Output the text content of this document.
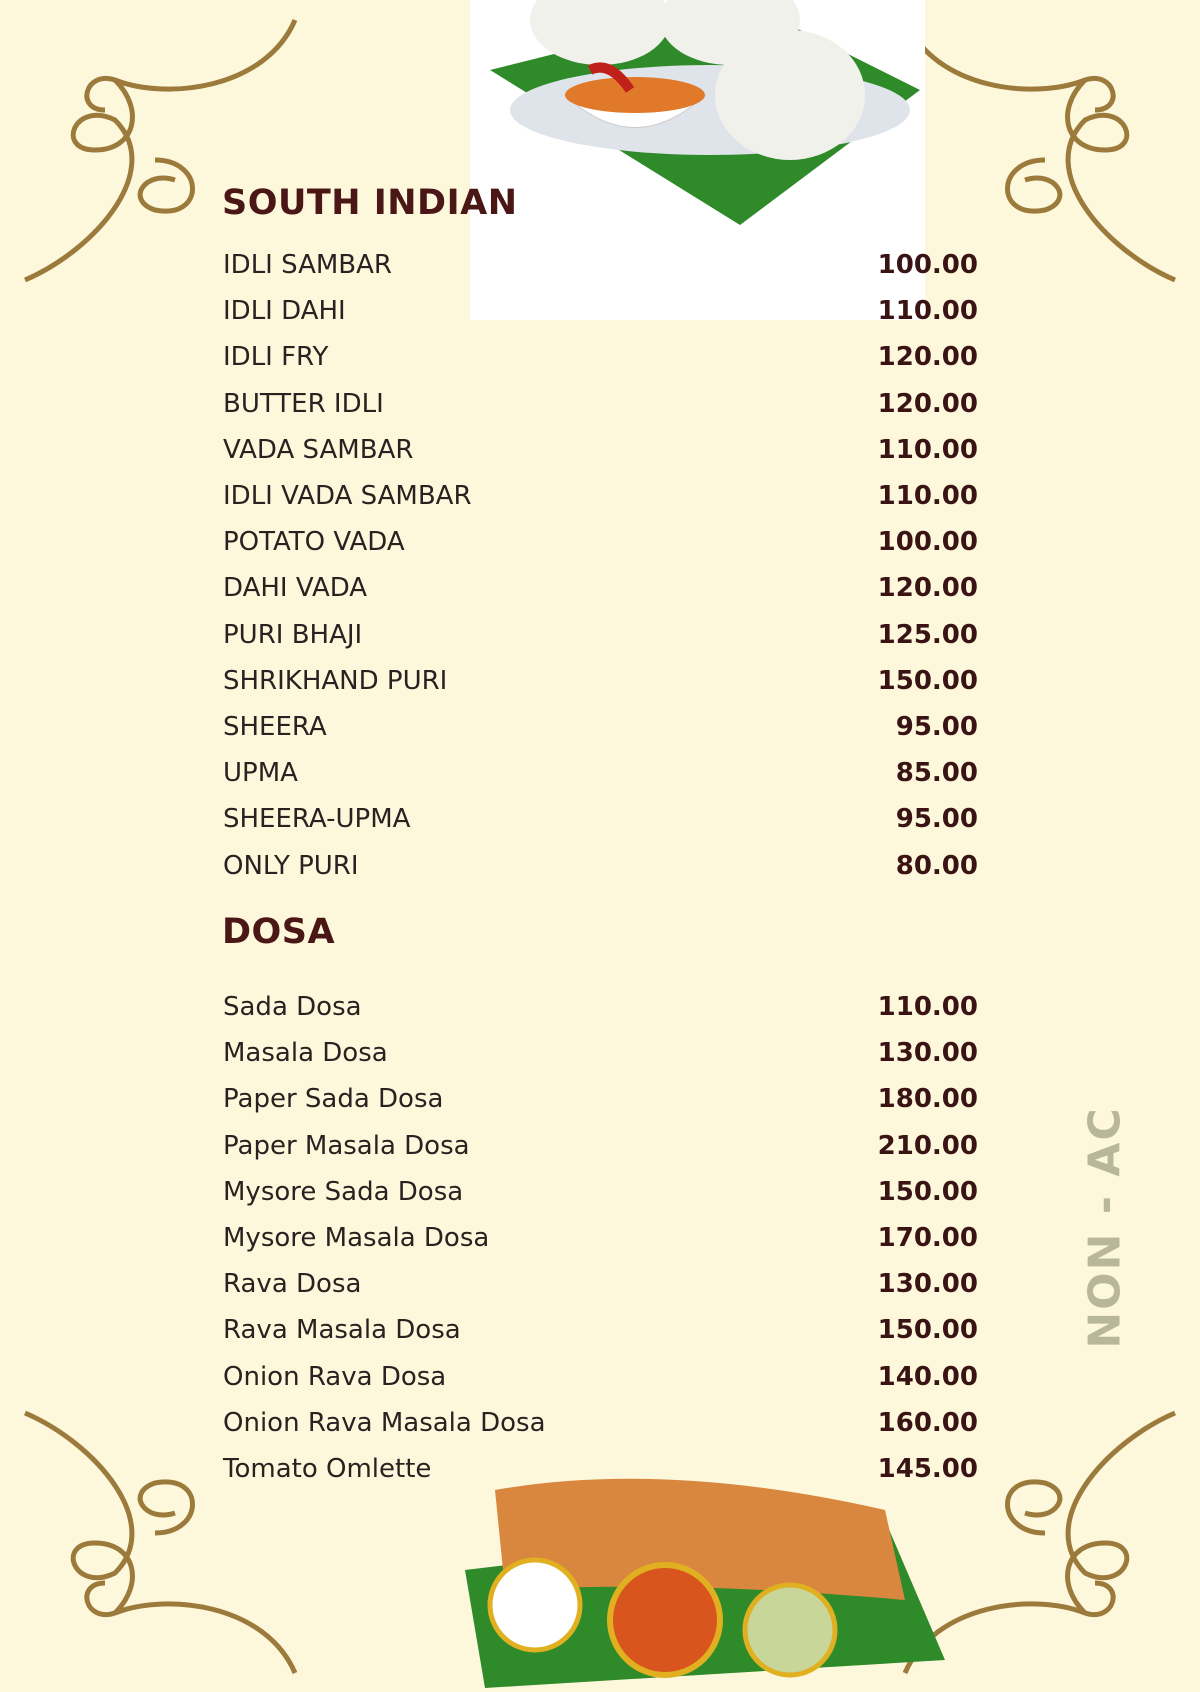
SOUTH INDIAN
IDLI SAMBAR	100.00
IDLI DAHI	110.00
IDLI FRY	120.00
BUTTER IDLI	120.00
VADA SAMBAR	110.00
IDLI VADA SAMBAR	110.00
POTATO VADA	100.00
DAHI VADA	120.00
PURI BHAJI	125.00
SHRIKHAND PURI	150.00
SHEERA	95.00
UPMA	85.00
SHEERA-UPMA	95.00
ONLY PURI	80.00
DOSA
Sada Dosa	110.00
Masala Dosa	130.00
Paper Sada Dosa	180.00
Paper Masala Dosa	210.00
Mysore Sada Dosa	150.00
Mysore Masala Dosa	170.00
Rava Dosa	130.00
Rava Masala Dosa	150.00
Onion Rava Dosa	140.00
Onion Rava Masala Dosa	160.00
Tomato Omlette	145.00
NON - AC
